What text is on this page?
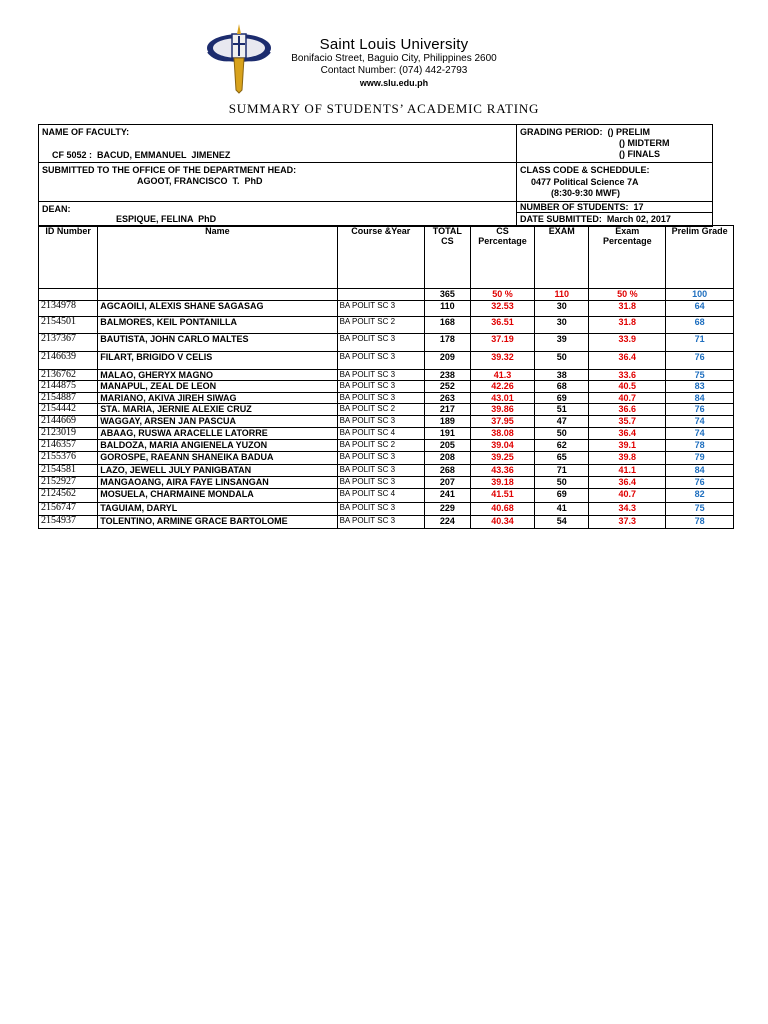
Saint Louis University
Bonifacio Street, Baguio City, Philippines 2600
Contact Number: (074) 442-2793
www.slu.edu.ph
SUMMARY OF STUDENTS’ ACADEMIC RATING
NAME OF FACULTY:
CF 5052 :  BACUD, EMMANUEL  JIMENEZ
SUBMITTED TO THE OFFICE OF THE DEPARTMENT HEAD:
AGOOT, FRANCISCO  T.  PhD
DEAN:
ESPIQUE, FELINA  PhD
GRADING PERIOD:  () PRELIM
() MIDTERM
() FINALS
CLASS CODE & SCHEDDULE:
0477 Political Science 7A
(8:30-9:30 MWF)
NUMBER OF STUDENTS:  17
DATE SUBMITTED:  March 02, 2017
ID Number	Name	Course &Year	TOTAL CS	CS Percentage	EXAM	Exam Percentage	Prelim Grade
			365	50 %	110	50 %	100
2134978	AGCAOILI, ALEXIS SHANE SAGASAG	BA POLIT SC 3	110	32.53	30	31.8	64
2154501	BALMORES, KEIL PONTANILLA	BA POLIT SC 2	168	36.51	30	31.8	68
2137367	BAUTISTA, JOHN CARLO MALTES	BA POLIT SC 3	178	37.19	39	33.9	71
2146639	FILART, BRIGIDO V CELIS	BA POLIT SC 3	209	39.32	50	36.4	76
2136762	MALAO, GHERYX MAGNO	BA POLIT SC 3	238	41.3	38	33.6	75
2144875	MANAPUL, ZEAL DE LEON	BA POLIT SC 3	252	42.26	68	40.5	83
2154887	MARIANO, AKIVA JIREH SIWAG	BA POLIT SC 3	263	43.01	69	40.7	84
2154442	STA. MARIA, JERNIE ALEXIE CRUZ	BA POLIT SC 2	217	39.86	51	36.6	76
2144669	WAGGAY, ARSEN JAN PASCUA	BA POLIT SC 3	189	37.95	47	35.7	74
2123019	ABAAG, RUSWA ARACELLE LATORRE	BA POLIT SC 4	191	38.08	50	36.4	74
2146357	BALDOZA, MARIA ANGIENELA YUZON	BA POLIT SC 2	205	39.04	62	39.1	78
2155376	GOROSPE, RAEANN SHANEIKA BADUA	BA POLIT SC 3	208	39.25	65	39.8	79
2154581	LAZO, JEWELL JULY PANIGBATAN	BA POLIT SC 3	268	43.36	71	41.1	84
2152927	MANGAOANG, AIRA FAYE LINSANGAN	BA POLIT SC 3	207	39.18	50	36.4	76
2124562	MOSUELA, CHARMAINE MONDALA	BA POLIT SC 4	241	41.51	69	40.7	82
2156747	TAGUIAM, DARYL	BA POLIT SC 3	229	40.68	41	34.3	75
2154937	TOLENTINO, ARMINE GRACE BARTOLOME	BA POLIT SC 3	224	40.34	54	37.3	78
